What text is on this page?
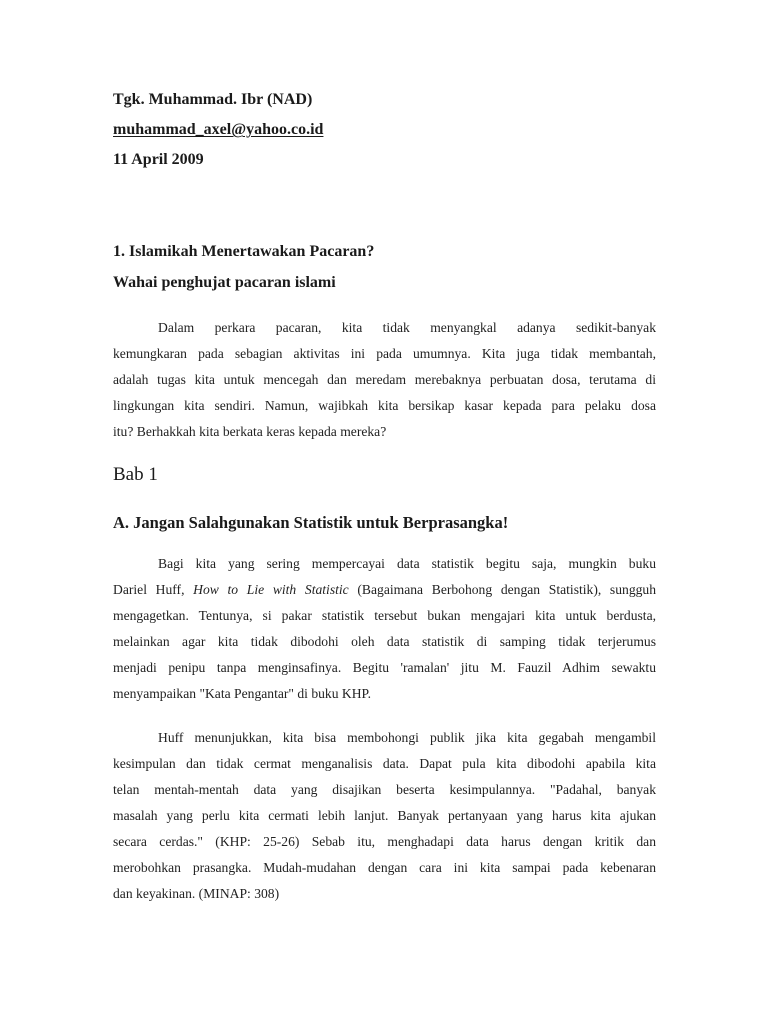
Tgk. Muhammad. Ibr (NAD)
muhammad_axel@yahoo.co.id
11 April 2009
1. Islamikah Menertawakan Pacaran?
Wahai penghujat pacaran islami
Dalam perkara pacaran, kita tidak menyangkal adanya sedikit-banyak
kemungkaran pada sebagian aktivitas ini pada umumnya. Kita juga tidak membantah,
adalah tugas kita untuk mencegah dan meredam merebaknya perbuatan dosa, terutama di
lingkungan kita sendiri. Namun, wajibkah kita bersikap kasar kepada para pelaku dosa
itu? Berhakkah kita berkata keras kepada mereka?
Bab 1
A. Jangan Salahgunakan Statistik untuk Berprasangka!
Bagi kita yang sering mempercayai data statistik begitu saja, mungkin buku
Dariel Huff, How to Lie with Statistic (Bagaimana Berbohong dengan Statistik), sungguh
mengagetkan. Tentunya, si pakar statistik tersebut bukan mengajari kita untuk berdusta,
melainkan agar kita tidak dibodohi oleh data statistik di samping tidak terjerumus
menjadi penipu tanpa menginsafinya. Begitu 'ramalan' jitu M. Fauzil Adhim sewaktu
menyampaikan "Kata Pengantar" di buku KHP.
Huff menunjukkan, kita bisa membohongi publik jika kita gegabah mengambil
kesimpulan dan tidak cermat menganalisis data. Dapat pula kita dibodohi apabila kita
telan mentah-mentah data yang disajikan beserta kesimpulannya. "Padahal, banyak
masalah yang perlu kita cermati lebih lanjut. Banyak pertanyaan yang harus kita ajukan
secara cerdas." (KHP: 25-26) Sebab itu, menghadapi data harus dengan kritik dan
merobohkan prasangka. Mudah-mudahan dengan cara ini kita sampai pada kebenaran
dan keyakinan. (MINAP: 308)
